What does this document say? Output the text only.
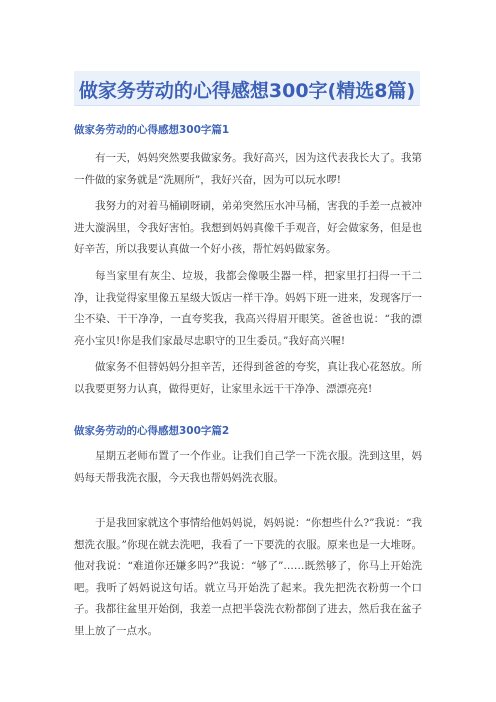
做家务劳动的心得感想300字(精选8篇)
做家务劳动的心得感想300字篇1
有一天，妈妈突然要我做家务。我好高兴，因为这代表我长大了。我第一件做的家务就是“洗厕所”，我好兴奋，因为可以玩水啰!
我努力的对着马桶刷呀刷，弟弟突然压水冲马桶，害我的手差一点被冲进大漩涡里，令我好害怕。我想到妈妈真像千手观音，好会做家务，但是也好辛苦，所以我要认真做一个好小孩，帮忙妈妈做家务。
每当家里有灰尘、垃圾，我都会像吸尘器一样，把家里打扫得一干二净，让我觉得家里像五星级大饭店一样干净。妈妈下班一进来，发现客厅一尘不染、干干净净，一直夸奖我，我高兴得眉开眼笑。爸爸也说：“我的漂亮小宝贝!你是我们家最尽忠职守的卫生委员。”我好高兴喔!
做家务不但替妈妈分担辛苦，还得到爸爸的夸奖，真让我心花怒放。所以我要更努力认真，做得更好，让家里永远干干净净、漂漂亮亮!
做家务劳动的心得感想300字篇2
星期五老师布置了一个作业。让我们自己学一下洗衣服。洗到这里，妈妈每天帮我洗衣服，今天我也帮妈妈洗衣服。
于是我回家就这个事情给他妈妈说，妈妈说：“你想些什么?”我说：“我想洗衣服。”你现在就去洗吧，我看了一下要洗的衣服。原来也是一大堆呀。他对我说：“难道你还嫌多吗?”我说：“够了”……既然够了，你马上开始洗吧。我听了妈妈说这句话。就立马开始洗了起来。我先把洗衣粉剪一个口子。我都往盆里开始倒，我差一点把半袋洗衣粉都倒了进去，然后我在盆子里上放了一点水。
